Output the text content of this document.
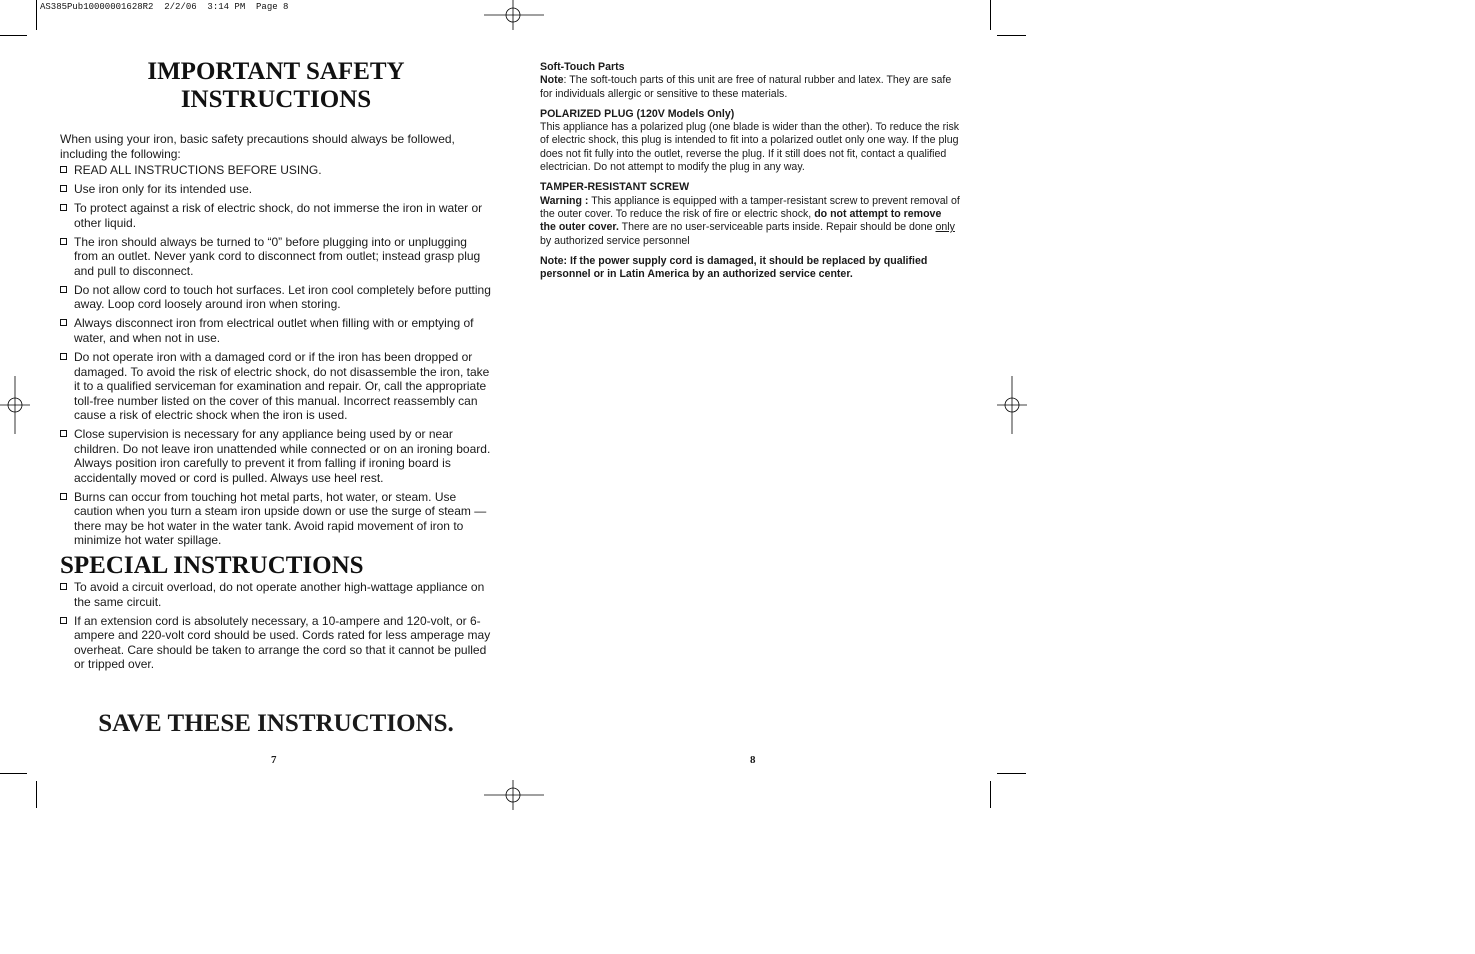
AS385Pub10000001628R2  2/2/06  3:14 PM  Page 8
IMPORTANT SAFETY
INSTRUCTIONS

When using your iron, basic safety precautions should always be followed, including the following:

READ ALL INSTRUCTIONS BEFORE USING.
Use iron only for its intended use.
To protect against a risk of electric shock, do not immerse the iron in water or other liquid.
The iron should always be turned to “0” before plugging into or unplugging from an outlet. Never yank cord to disconnect from outlet; instead grasp plug and pull to disconnect.
Do not allow cord to touch hot surfaces. Let iron cool completely before putting away. Loop cord loosely around iron when storing.
Always disconnect iron from electrical outlet when filling with or emptying of water, and when not in use.
Do not operate iron with a damaged cord or if the iron has been dropped or damaged. To avoid the risk of electric shock, do not disassemble the iron, take it to a qualified serviceman for examination and repair. Or, call the appropriate toll-free number listed on the cover of this manual. Incorrect reassembly can cause a risk of electric shock when the iron is used.
Close supervision is necessary for any appliance being used by or near children. Do not leave iron unattended while connected or on an ironing board. Always position iron carefully to prevent it from falling if ironing board is accidentally moved or cord is pulled. Always use heel rest.
Burns can occur from touching hot metal parts, hot water, or steam. Use caution when you turn a steam iron upside down or use the surge of steam — there may be hot water in the water tank. Avoid rapid movement of iron to minimize hot water spillage.
SPECIAL INSTRUCTIONS
To avoid a circuit overload, do not operate another high-wattage appliance on the same circuit.
If an extension cord is absolutely necessary, a 10-ampere and 120-volt, or 6-ampere and 220-volt cord should be used. Cords rated for less amperage may overheat. Care should be taken to arrange the cord so that it cannot be pulled or tripped over.

SAVE THESE INSTRUCTIONS.

7

Soft-Touch Parts
Note: The soft-touch parts of this unit are free of natural rubber and latex. They are safe for individuals allergic or sensitive to these materials.

POLARIZED PLUG (120V Models Only)
This appliance has a polarized plug (one blade is wider than the other). To reduce the risk of electric shock, this plug is intended to fit into a polarized outlet only one way. If the plug does not fit fully into the outlet, reverse the plug. If it still does not fit, contact a qualified electrician. Do not attempt to modify the plug in any way.

TAMPER-RESISTANT SCREW
Warning : This appliance is equipped with a tamper-resistant screw to prevent removal of the outer cover. To reduce the risk of fire or electric shock, do not attempt to remove the outer cover. There are no user-serviceable parts inside. Repair should be done only by authorized service personnel

Note: If the power supply cord is damaged, it should be replaced by qualified personnel or in Latin America by an authorized service center.

8
